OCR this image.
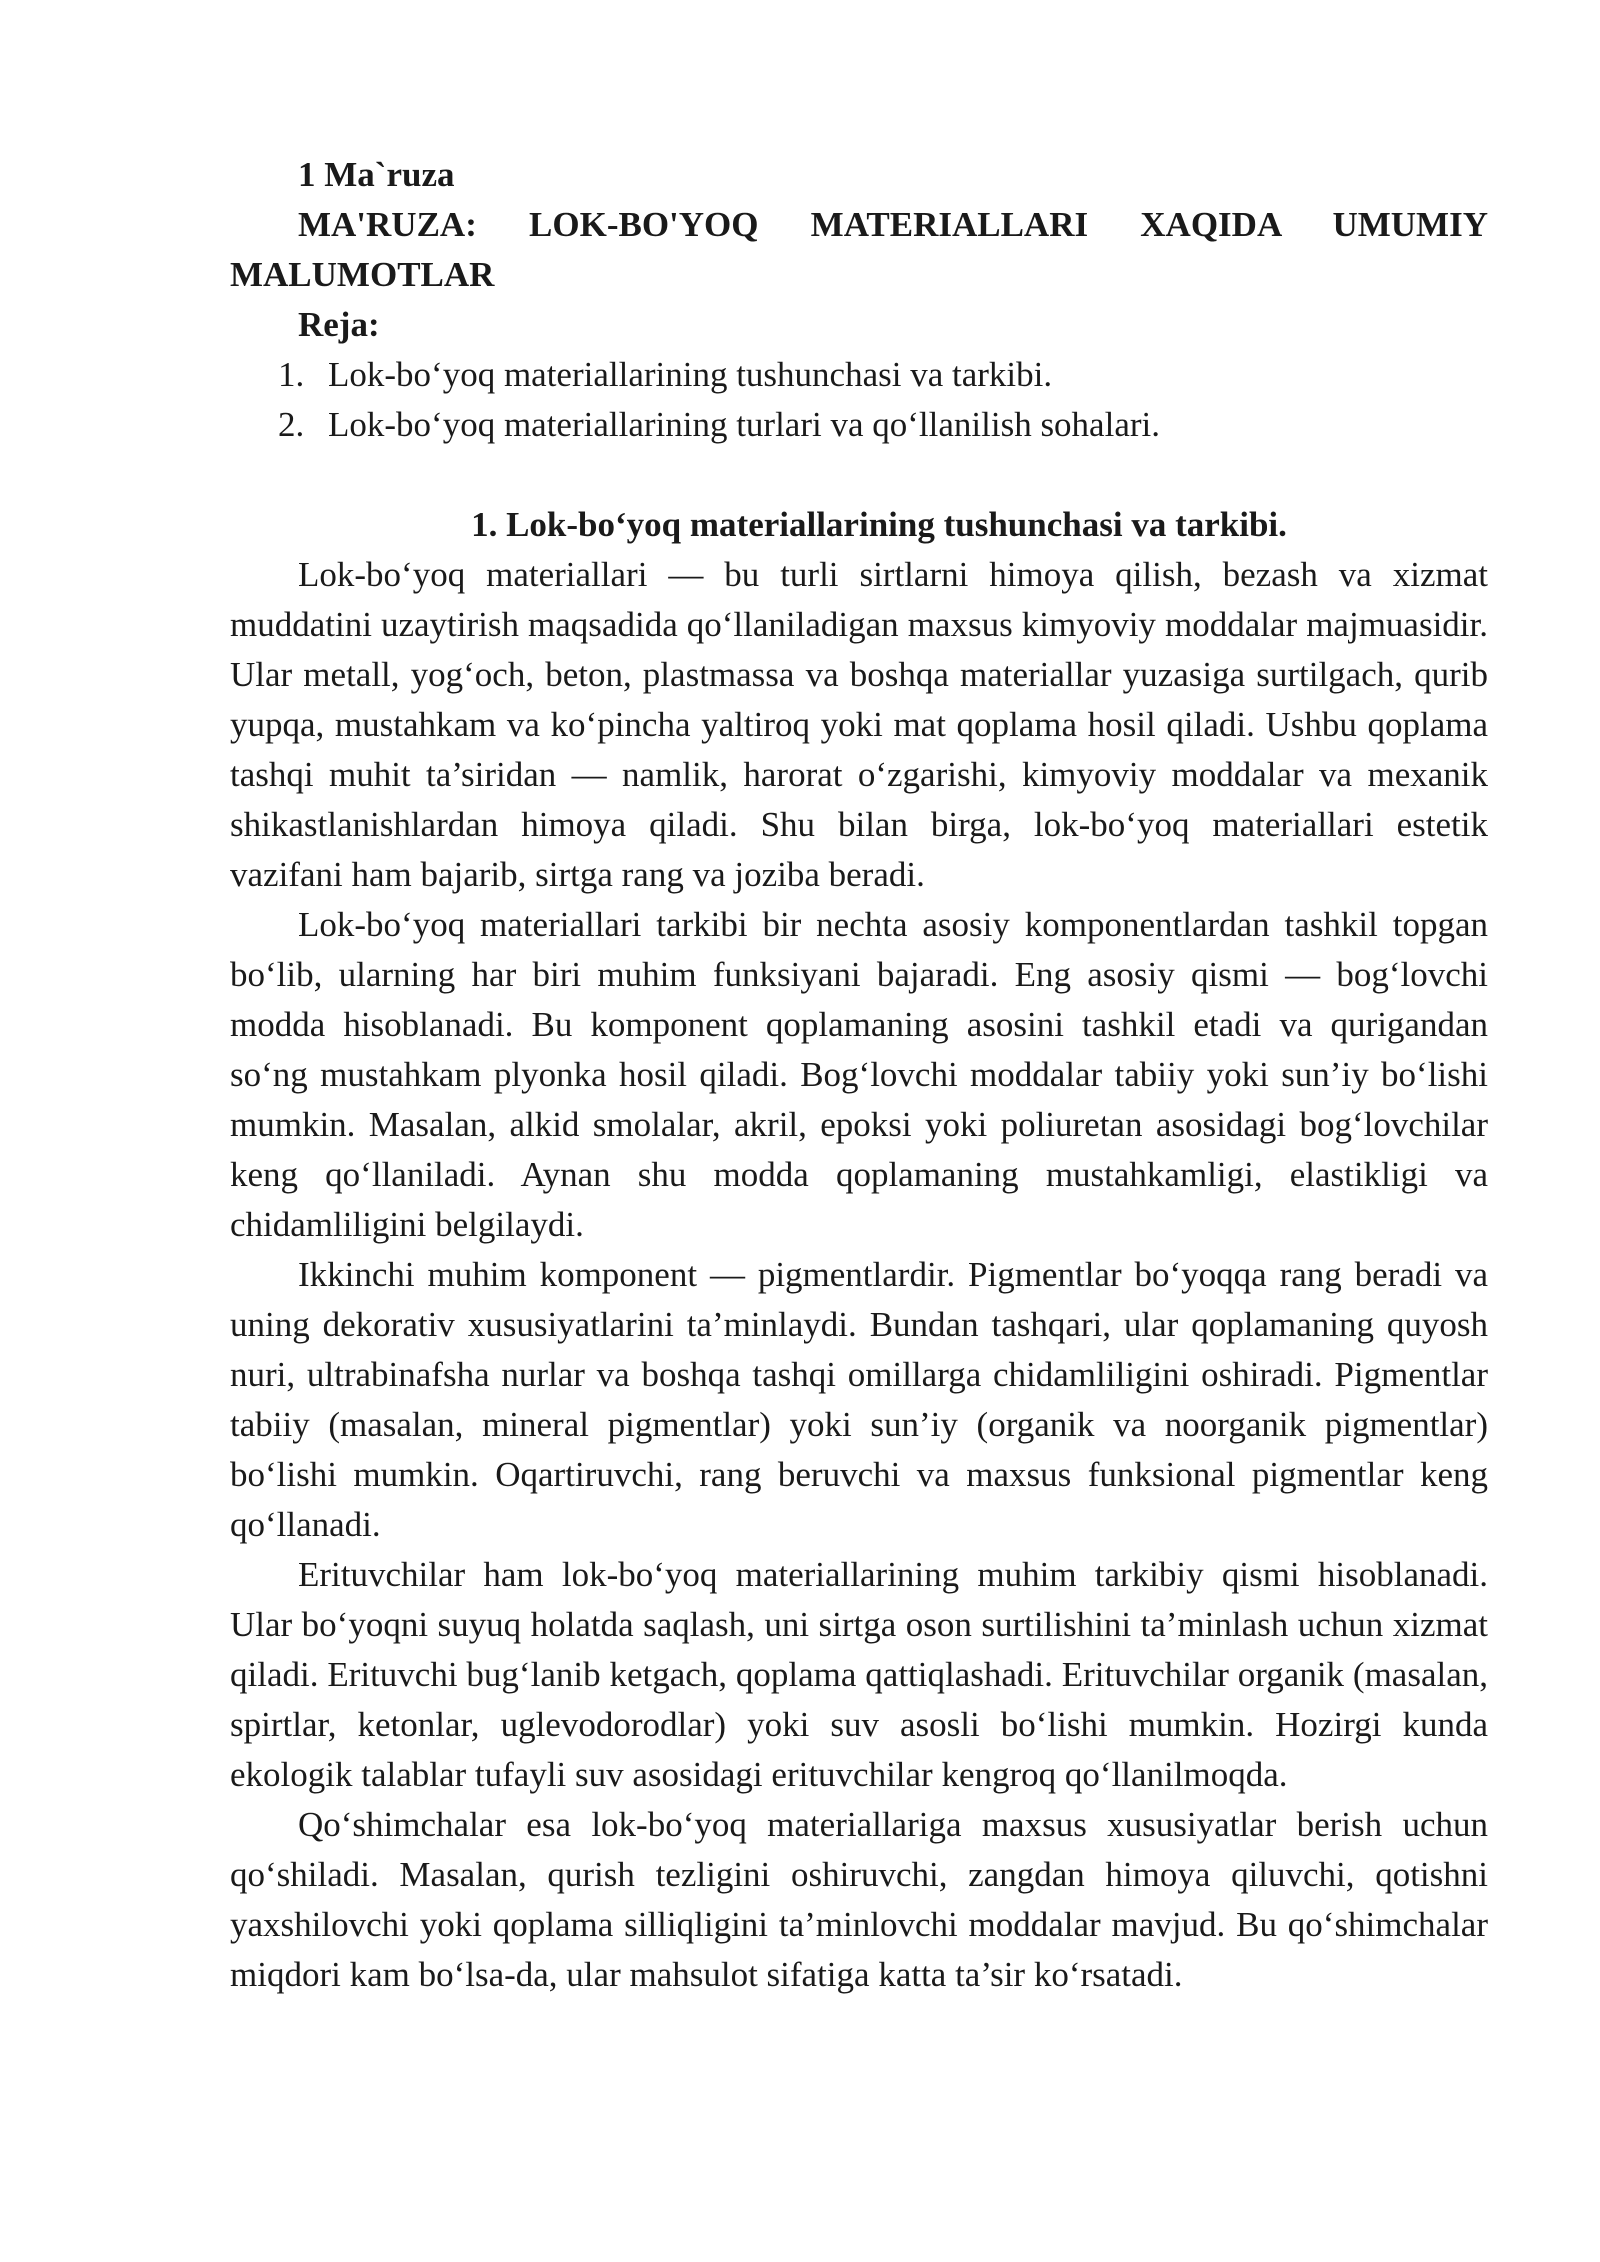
1 Ma`ruza

MA'RUZA: LOK-BO'YOQ MATERIALLARI XAQIDA UMUMIY

MALUMOTLAR

Reja:

1. Lok-bo‘yoq materiallarining tushunchasi va tarkibi.
2. Lok-bo‘yoq materiallarining turlari va qo‘llanilish sohalari.

1. Lok-bo‘yoq materiallarining tushunchasi va tarkibi.

Lok-bo‘yoq materiallari — bu turli sirtlarni himoya qilish, bezash va xizmat muddatini uzaytirish maqsadida qo‘llaniladigan maxsus kimyoviy moddalar majmuasidir. Ular metall, yog‘och, beton, plastmassa va boshqa materiallar yuzasiga surtilgach, qurib yupqa, mustahkam va ko‘pincha yaltiroq yoki mat qoplama hosil qiladi. Ushbu qoplama tashqi muhit ta’siridan — namlik, harorat o‘zgarishi, kimyoviy moddalar va mexanik shikastlanishlardan himoya qiladi. Shu bilan birga, lok-bo‘yoq materiallari estetik vazifani ham bajarib, sirtga rang va joziba beradi.

Lok-bo‘yoq materiallari tarkibi bir nechta asosiy komponentlardan tashkil topgan bo‘lib, ularning har biri muhim funksiyani bajaradi. Eng asosiy qismi — bog‘lovchi modda hisoblanadi. Bu komponent qoplamaning asosini tashkil etadi va qurigandan so‘ng mustahkam plyonka hosil qiladi. Bog‘lovchi moddalar tabiiy yoki sun’iy bo‘lishi mumkin. Masalan, alkid smolalar, akril, epoksi yoki poliuretan asosidagi bog‘lovchilar keng qo‘llaniladi. Aynan shu modda qoplamaning mustahkamligi, elastikligi va chidamliligini belgilaydi.

Ikkinchi muhim komponent — pigmentlardir. Pigmentlar bo‘yoqqa rang beradi va uning dekorativ xususiyatlarini ta’minlaydi. Bundan tashqari, ular qoplamaning quyosh nuri, ultrabinafsha nurlar va boshqa tashqi omillarga chidamliligini oshiradi. Pigmentlar tabiiy (masalan, mineral pigmentlar) yoki sun’iy (organik va noorganik pigmentlar) bo‘lishi mumkin. Oqartiruvchi, rang beruvchi va maxsus funksional pigmentlar keng qo‘llanadi.

Erituvchilar ham lok-bo‘yoq materiallarining muhim tarkibiy qismi hisoblanadi. Ular bo‘yoqni suyuq holatda saqlash, uni sirtga oson surtilishini ta’minlash uchun xizmat qiladi. Erituvchi bug‘lanib ketgach, qoplama qattiqlashadi. Erituvchilar organik (masalan, spirtlar, ketonlar, uglevodorodlar) yoki suv asosli bo‘lishi mumkin. Hozirgi kunda ekologik talablar tufayli suv asosidagi erituvchilar kengroq qo‘llanilmoqda.

Qo‘shimchalar esa lok-bo‘yoq materiallariga maxsus xususiyatlar berish uchun qo‘shiladi. Masalan, qurish tezligini oshiruvchi, zangdan himoya qiluvchi, qotishni yaxshilovchi yoki qoplama silliqligini ta’minlovchi moddalar mavjud. Bu qo‘shimchalar miqdori kam bo‘lsa-da, ular mahsulot sifatiga katta ta’sir ko‘rsatadi.
